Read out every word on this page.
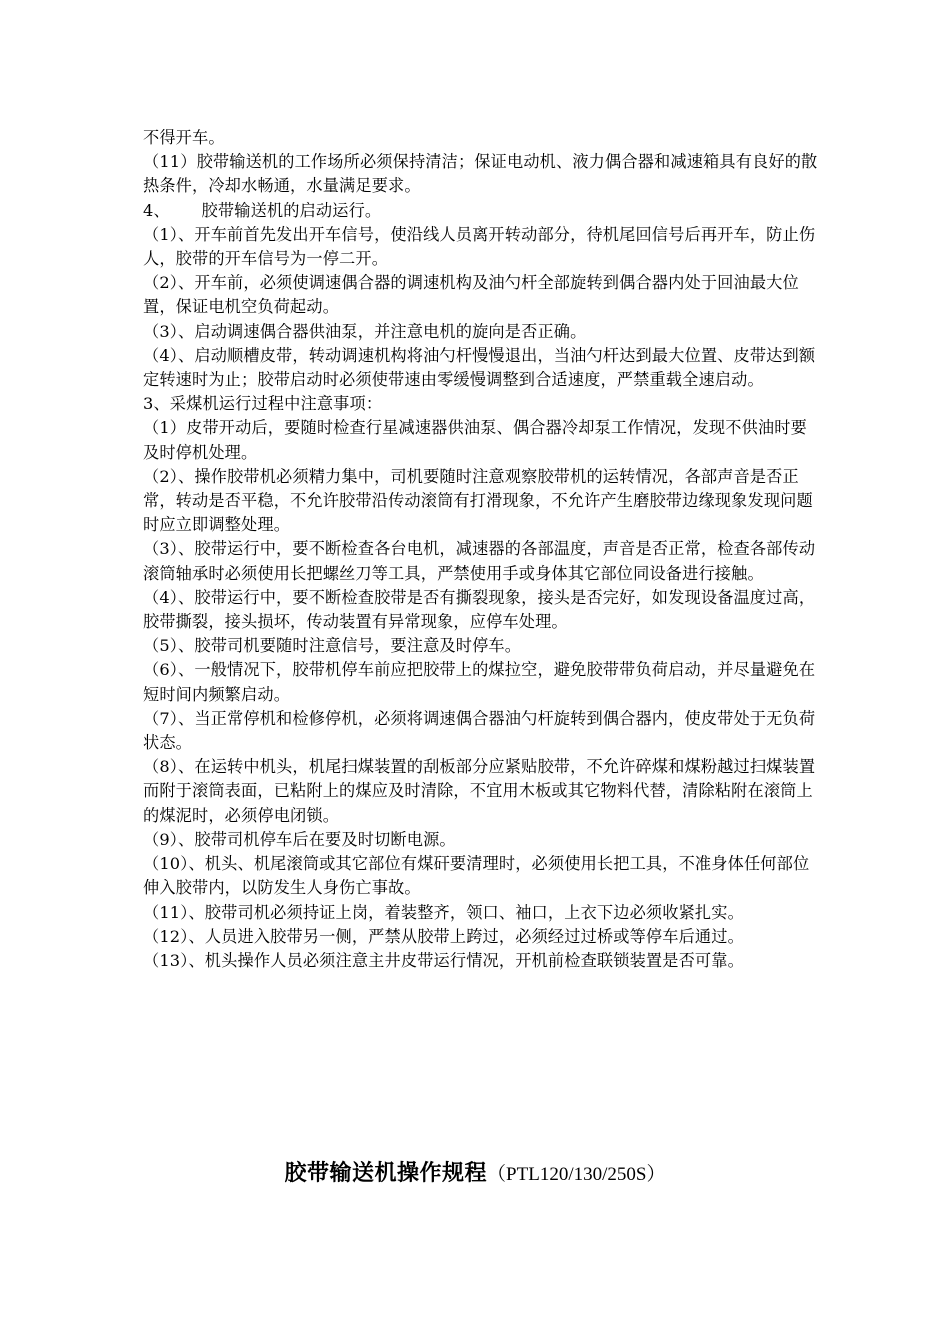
不得开车。

（11）胶带输送机的工作场所必须保持清洁；保证电动机、液力偶合器和减速箱具有良好的散热条件，冷却水畅通，水量满足要求。

4、      胶带输送机的启动运行。

（1）、开车前首先发出开车信号，使沿线人员离开转动部分，待机尾回信号后再开车，防止伤人，胶带的开车信号为一停二开。

（2）、开车前，必须使调速偶合器的调速机构及油勺杆全部旋转到偶合器内处于回油最大位置，保证电机空负荷起动。

（3）、启动调速偶合器供油泵，并注意电机的旋向是否正确。

（4）、启动顺槽皮带，转动调速机构将油勺杆慢慢退出，当油勺杆达到最大位置、皮带达到额定转速时为止；胶带启动时必须使带速由零缓慢调整到合适速度，严禁重载全速启动。

3、采煤机运行过程中注意事项：

（1）皮带开动后，要随时检查行星减速器供油泵、偶合器冷却泵工作情况，发现不供油时要及时停机处理。

（2）、操作胶带机必须精力集中，司机要随时注意观察胶带机的运转情况，各部声音是否正常，转动是否平稳，不允许胶带沿传动滚筒有打滑现象，不允许产生磨胶带边缘现象发现问题时应立即调整处理。

（3）、胶带运行中，要不断检查各台电机，减速器的各部温度，声音是否正常，检查各部传动滚筒轴承时必须使用长把螺丝刀等工具，严禁使用手或身体其它部位同设备进行接触。

（4）、胶带运行中，要不断检查胶带是否有撕裂现象，接头是否完好，如发现设备温度过高，胶带撕裂，接头损坏，传动装置有异常现象，应停车处理。

（5）、胶带司机要随时注意信号，要注意及时停车。

（6）、一般情况下，胶带机停车前应把胶带上的煤拉空，避免胶带带负荷启动，并尽量避免在短时间内频繁启动。

（7）、当正常停机和检修停机，必须将调速偶合器油勺杆旋转到偶合器内，使皮带处于无负荷状态。

（8）、在运转中机头，机尾扫煤装置的刮板部分应紧贴胶带，不允许碎煤和煤粉越过扫煤装置而附于滚筒表面，已粘附上的煤应及时清除，不宜用木板或其它物料代替，清除粘附在滚筒上的煤泥时，必须停电闭锁。

（9）、胶带司机停车后在要及时切断电源。

（10）、机头、机尾滚筒或其它部位有煤矸要清理时，必须使用长把工具，不准身体任何部位伸入胶带内，以防发生人身伤亡事故。

（11）、胶带司机必须持证上岗，着装整齐，领口、袖口，上衣下边必须收紧扎实。

（12）、人员进入胶带另一侧，严禁从胶带上跨过，必须经过过桥或等停车后通过。

（13）、机头操作人员必须注意主井皮带运行情况，开机前检查联锁装置是否可靠。

胶带输送机操作规程（PTL120/130/250S）
